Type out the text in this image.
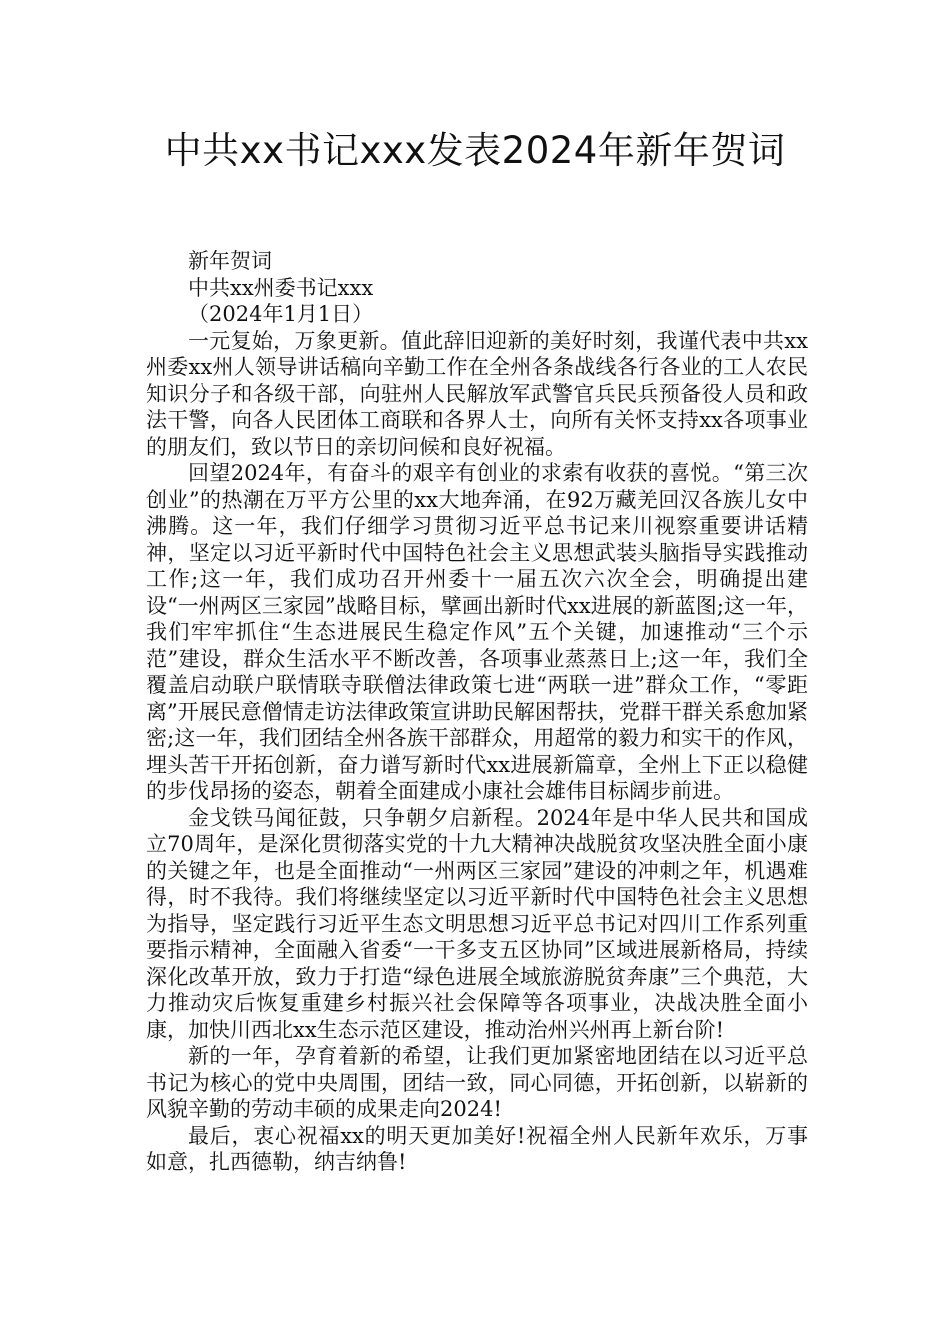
中共xx书记xxx发表2024年新年贺词

新年贺词

中共xx州委书记xxx

（2024年1月1日）

一元复始，万象更新。值此辞旧迎新的美好时刻，我谨代表中共xx州委xx州人领导讲话稿向辛勤工作在全州各条战线各行各业的工人农民知识分子和各级干部，向驻州人民解放军武警官兵民兵预备役人员和政法干警，向各人民团体工商联和各界人士，向所有关怀支持xx各项事业的朋友们，致以节日的亲切问候和良好祝福。

回望2024年，有奋斗的艰辛有创业的求索有收获的喜悦。“第三次创业”的热潮在万平方公里的xx大地奔涌，在92万藏羌回汉各族儿女中沸腾。这一年，我们仔细学习贯彻习近平总书记来川视察重要讲话精神，坚定以习近平新时代中国特色社会主义思想武装头脑指导实践推动工作;这一年，我们成功召开州委十一届五次六次全会，明确提出建设“一州两区三家园”战略目标，擘画出新时代xx进展的新蓝图;这一年，我们牢牢抓住“生态进展民生稳定作风”五个关键，加速推动“三个示范”建设，群众生活水平不断改善，各项事业蒸蒸日上;这一年，我们全覆盖启动联户联情联寺联僧法律政策七进“两联一进”群众工作，“零距离”开展民意僧情走访法律政策宣讲助民解困帮扶，党群干群关系愈加紧密;这一年，我们团结全州各族干部群众，用超常的毅力和实干的作风，埋头苦干开拓创新，奋力谱写新时代xx进展新篇章，全州上下正以稳健的步伐昂扬的姿态，朝着全面建成小康社会雄伟目标阔步前进。

金戈铁马闻征鼓，只争朝夕启新程。2024年是中华人民共和国成立70周年，是深化贯彻落实党的十九大精神决战脱贫攻坚决胜全面小康的关键之年，也是全面推动“一州两区三家园”建设的冲刺之年，机遇难得，时不我待。我们将继续坚定以习近平新时代中国特色社会主义思想为指导，坚定践行习近平生态文明思想习近平总书记对四川工作系列重要指示精神，全面融入省委“一干多支五区协同”区域进展新格局，持续深化改革开放，致力于打造“绿色进展全域旅游脱贫奔康”三个典范，大力推动灾后恢复重建乡村振兴社会保障等各项事业，决战决胜全面小康，加快川西北xx生态示范区建设，推动治州兴州再上新台阶!

新的一年，孕育着新的希望，让我们更加紧密地团结在以习近平总书记为核心的党中央周围，团结一致，同心同德，开拓创新，以崭新的风貌辛勤的劳动丰硕的成果走向2024!

最后，衷心祝福xx的明天更加美好!祝福全州人民新年欢乐，万事如意，扎西德勒，纳吉纳鲁!
